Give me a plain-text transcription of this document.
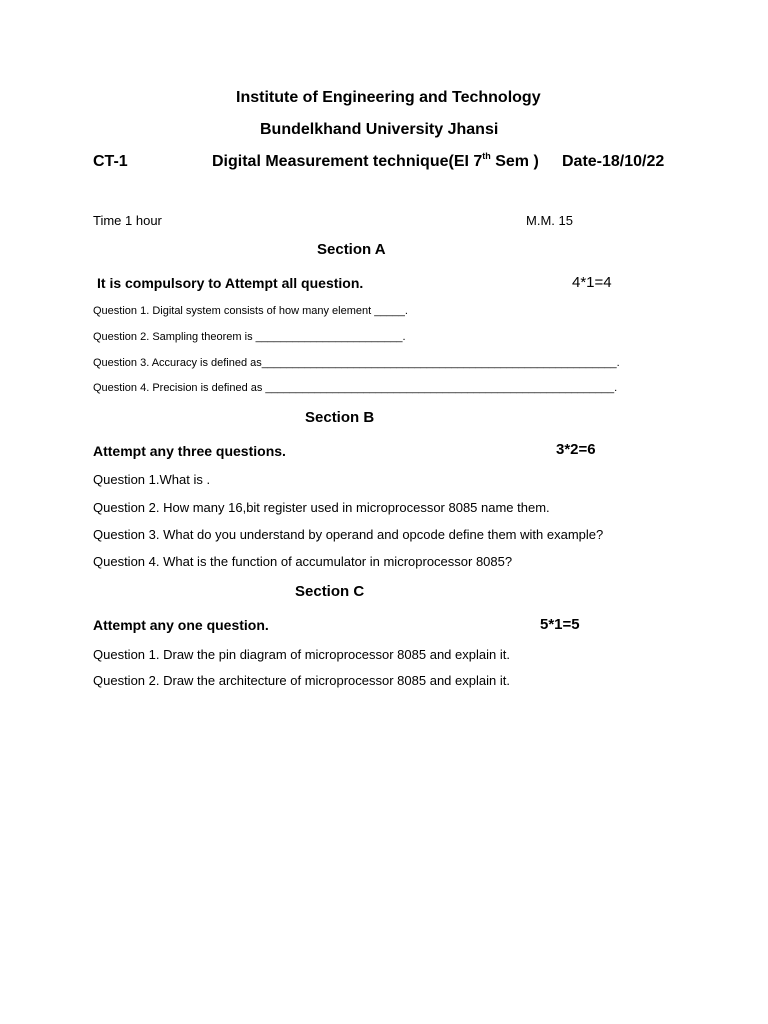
Institute of Engineering and Technology
Bundelkhand University Jhansi
CT-1	Digital Measurement technique(EI 7th Sem ) Date-18/10/22
Time 1 hour	M.M. 15
Section A
It is compulsory to Attempt all question.	4*1=4
Question 1. Digital system consists of how many element _____.
Question 2. Sampling theorem is ________________________.
Question 3. Accuracy is defined as__________________________________________________________.
Question 4. Precision is defined as _________________________________________________________.
Section B
Attempt any three questions.	3*2=6
Question 1.What is .
Question 2. How many 16,bit register used in microprocessor 8085 name them.
Question 3. What do you understand by operand and opcode define them with example?
Question 4. What is the function of accumulator in microprocessor 8085?
Section C
Attempt any one question.	5*1=5
Question 1. Draw the pin diagram of microprocessor 8085 and explain it.
Question 2. Draw the architecture of microprocessor 8085 and explain it.
